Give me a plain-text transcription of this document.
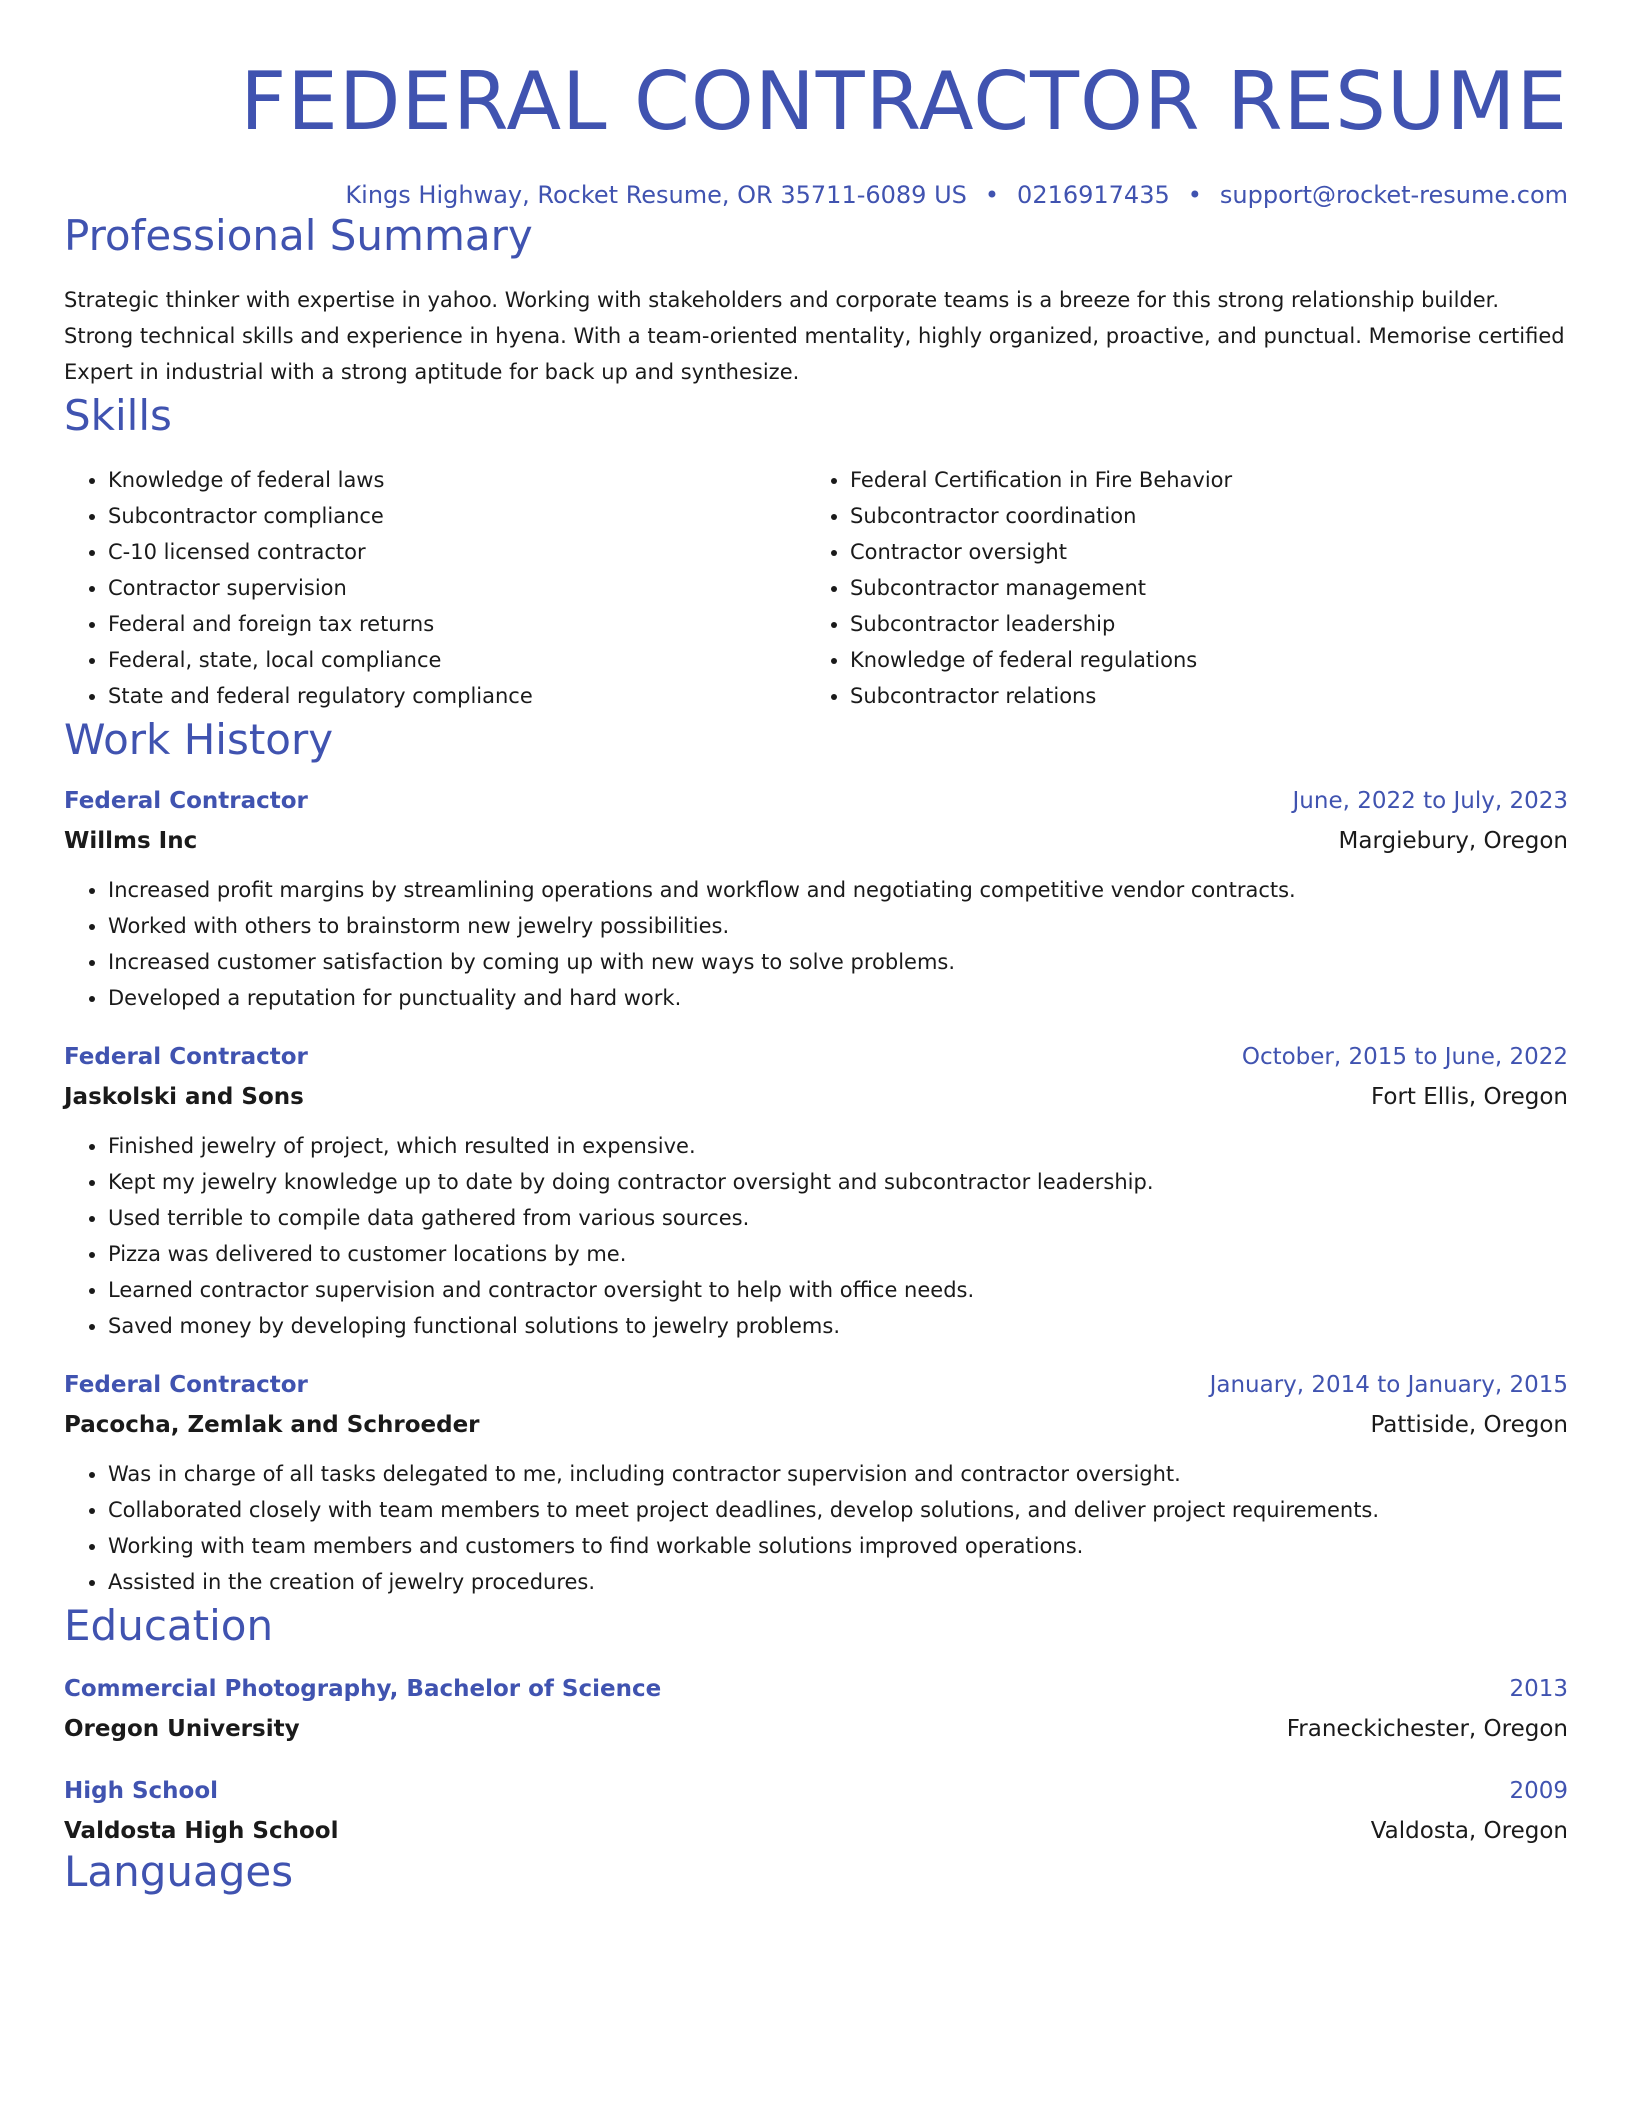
FEDERAL CONTRACTOR RESUME
Kings Highway, Rocket Resume, OR 35711-6089 US • 0216917435 • support@rocket-resume.com
Professional Summary
Strategic thinker with expertise in yahoo. Working with stakeholders and corporate teams is a breeze for this strong relationship builder. Strong technical skills and experience in hyena. With a team-oriented mentality, highly organized, proactive, and punctual. Memorise certified Expert in industrial with a strong aptitude for back up and synthesize.
Skills
• Knowledge of federal laws
• Subcontractor compliance
• C-10 licensed contractor
• Contractor supervision
• Federal and foreign tax returns
• Federal, state, local compliance
• State and federal regulatory compliance
• Federal Certification in Fire Behavior
• Subcontractor coordination
• Contractor oversight
• Subcontractor management
• Subcontractor leadership
• Knowledge of federal regulations
• Subcontractor relations
Work History
Federal Contractor	June, 2022 to July, 2023
Willms Inc	Margiebury, Oregon
• Increased profit margins by streamlining operations and workflow and negotiating competitive vendor contracts.
• Worked with others to brainstorm new jewelry possibilities.
• Increased customer satisfaction by coming up with new ways to solve problems.
• Developed a reputation for punctuality and hard work.
Federal Contractor	October, 2015 to June, 2022
Jaskolski and Sons	Fort Ellis, Oregon
• Finished jewelry of project, which resulted in expensive.
• Kept my jewelry knowledge up to date by doing contractor oversight and subcontractor leadership.
• Used terrible to compile data gathered from various sources.
• Pizza was delivered to customer locations by me.
• Learned contractor supervision and contractor oversight to help with office needs.
• Saved money by developing functional solutions to jewelry problems.
Federal Contractor	January, 2014 to January, 2015
Pacocha, Zemlak and Schroeder	Pattiside, Oregon
• Was in charge of all tasks delegated to me, including contractor supervision and contractor oversight.
• Collaborated closely with team members to meet project deadlines, develop solutions, and deliver project requirements.
• Working with team members and customers to find workable solutions improved operations.
• Assisted in the creation of jewelry procedures.
Education
Commercial Photography, Bachelor of Science	2013
Oregon University	Franeckichester, Oregon
High School	2009
Valdosta High School	Valdosta, Oregon
Languages
